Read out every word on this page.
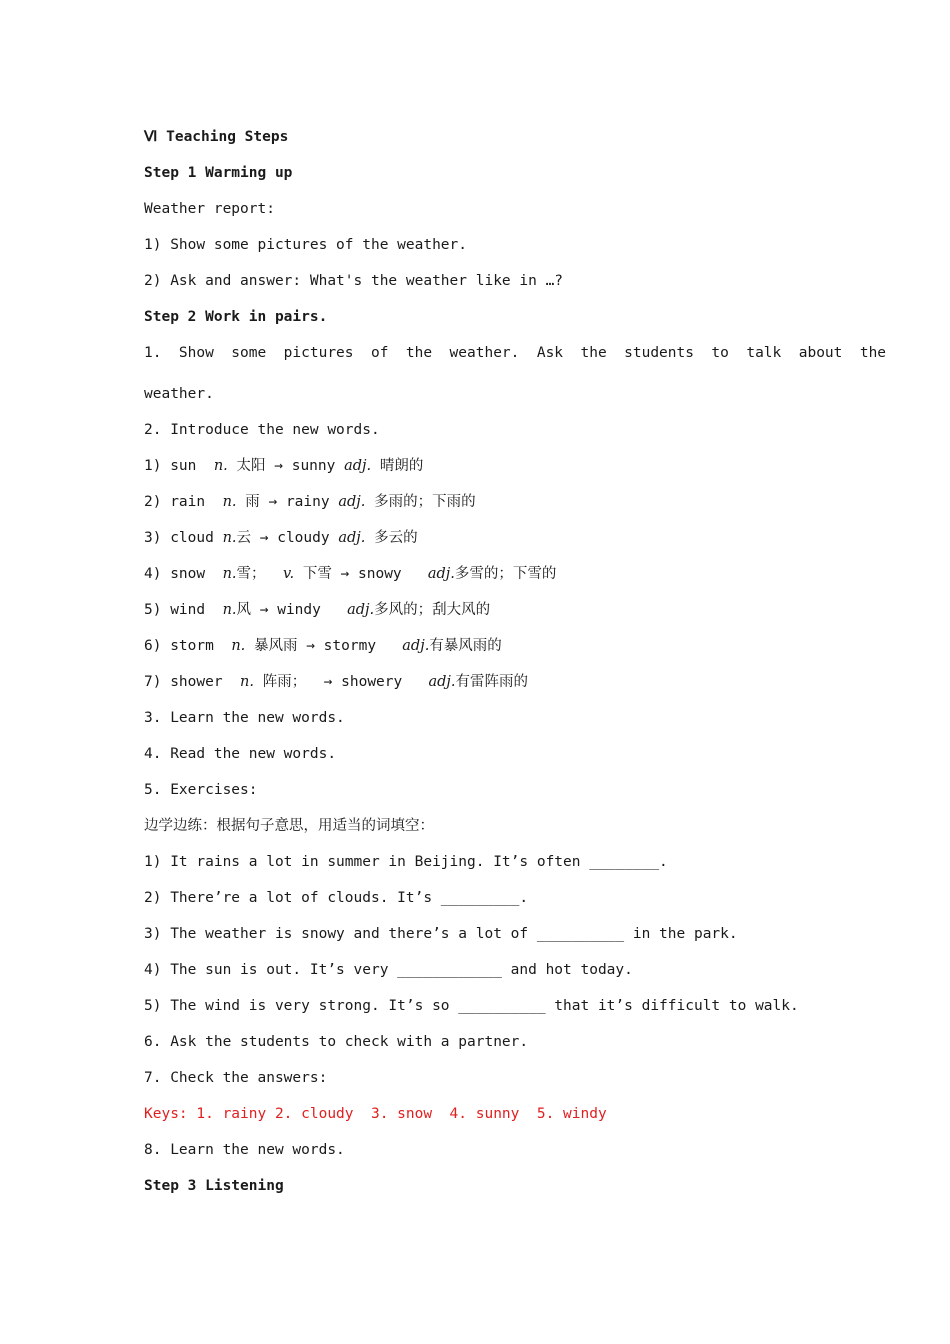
Ⅵ Teaching Steps
Step 1 Warming up
Weather report:
1) Show some pictures of the weather.
2) Ask and answer: What's the weather like in …?
Step 2 Work in pairs.
1.  Show  some  pictures  of  the  weather.  Ask  the  students  to  talk  about  the
weather.
2. Introduce the new words.
1) sun  n. 太阳 → sunny adj. 晴朗的
2) rain  n. 雨 → rainy adj. 多雨的；下雨的
3) cloud n.云 → cloudy adj. 多云的
4) snow  n.雪；  v. 下雪 → snowy   adj.多雪的；下雪的
5) wind  n.风 → windy   adj.多风的；刮大风的
6) storm  n. 暴风雨 → stormy   adj.有暴风雨的
7) shower  n. 阵雨；  → showery   adj.有雷阵雨的
3. Learn the new words.
4. Read the new words.
5. Exercises:
边学边练：根据句子意思，用适当的词填空：
1) It rains a lot in summer in Beijing. It’s often ________.
2) There’re a lot of clouds. It’s _________.
3) The weather is snowy and there’s a lot of __________ in the park.
4) The sun is out. It’s very ____________ and hot today.
5) The wind is very strong. It’s so __________ that it’s difficult to walk.
6. Ask the students to check with a partner.
7. Check the answers:
Keys: 1. rainy 2. cloudy  3. snow  4. sunny  5. windy
8. Learn the new words.
Step 3 Listening
